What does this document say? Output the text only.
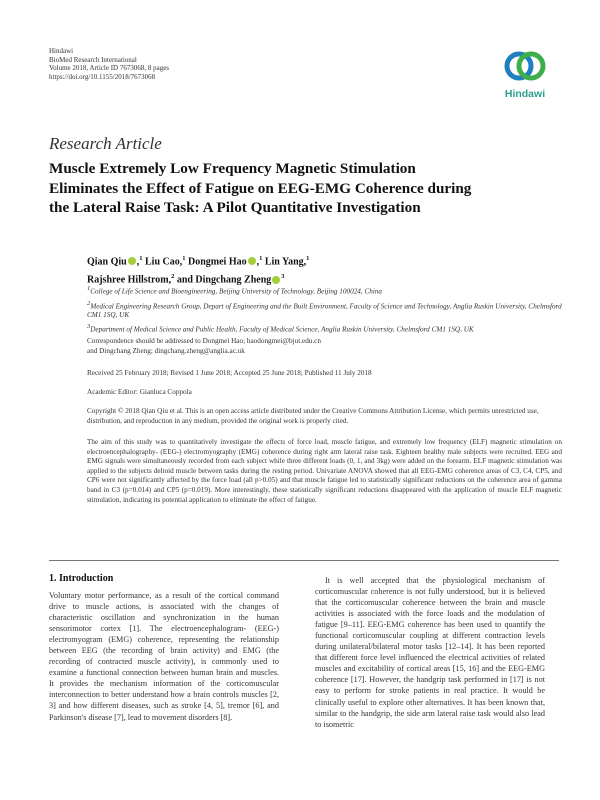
Hindawi
BioMed Research International
Volume 2018, Article ID 7673068, 8 pages
https://doi.org/10.1155/2018/7673068
Hindawi
Research Article
Muscle Extremely Low Frequency Magnetic Stimulation
Eliminates the Effect of Fatigue on EEG-EMG Coherence during
the Lateral Raise Task: A Pilot Quantitative Investigation
Qian Qiu ,$^1$ Liu Cao,$^1$ Dongmei Hao ,$^1$ Lin Yang,$^1$
Rajshree Hillstrom,$^2$ and Dingchang Zheng $^3$
$^1$College of Life Science and Bioengineering, Beijing University of Technology, Beijing 100024, China
$^2$Medical Engineering Research Group, Depart of Engineering and the Built Environment, Faculty of Science and Technology, Anglia Ruskin University, Chelmsford CM1 1SQ, UK
$^3$Department of Medical Science and Public Health, Faculty of Medical Science, Anglia Ruskin University, Chelmsford CM1 1SQ, UK
Correspondence should be addressed to Dongmei Hao; haodongmei@bjut.edu.cn
and Dingchang Zheng; dingchang.zheng@anglia.ac.uk
Received 25 February 2018; Revised 1 June 2018; Accepted 25 June 2018; Published 11 July 2018
Academic Editor: Gianluca Coppola
Copyright © 2018 Qian Qiu et al. This is an open access article distributed under the Creative Commons Attribution License, which permits unrestricted use, distribution, and reproduction in any medium, provided the original work is properly cited.
The aim of this study was to quantitatively investigate the effects of force load, muscle fatigue, and extremely low frequency (ELF) magnetic stimulation on electroencephalography- (EEG-) electromyography (EMG) coherence during right arm lateral raise task. Eighteen healthy male subjects were recruited. EEG and EMG signals were simultaneously recorded from each subject while three different loads (0, 1, and 3kg) were added on the forearm. ELF magnetic stimulation was applied to the subjects deltoid muscle between tasks during the resting period. Univariate ANOVA showed that all EEG-EMG coherence areas of C3, C4, CP5, and CP6 were not significantly affected by the force load (all p>0.05) and that muscle fatigue led to statistically significant reductions on the coherence area of gamma band in C3 (p=0.014) and CP5 (p=0.019). More interestingly, these statistically significant reductions disappeared with the application of muscle ELF magnetic stimulation, indicating its potential application to eliminate the effect of fatigue.
1. Introduction
Voluntary motor performance, as a result of the cortical command drive to muscle actions, is associated with the changes of characteristic oscillation and synchronization in the human sensorimotor cortex [1]. The electroencephalogram- (EEG-) electromyogram (EMG) coherence, representing the relationship between EEG (the recording of brain activity) and EMG (the recording of contracted muscle activity), is commonly used to examine a functional connection between human brain and muscles. It provides the mechanism information of the corticomuscular interconnection to better understand how a brain controls muscles [2, 3] and how different diseases, such as stroke [4, 5], tremor [6], and Parkinson's disease [7], lead to movement disorders [8].
It is well accepted that the physiological mechanism of corticomuscular coherence is not fully understood, but it is believed that the corticomuscular coherence between the brain and muscle activities is associated with the force loads and the modulation of fatigue [9–11]. EEG-EMG coherence has been used to quantify the functional corticomuscular coupling at different contraction levels during unilateral/bilateral motor tasks [12–14]. It has been reported that different force level influenced the electrical activities of related muscles and excitability of cortical areas [15, 16] and the EEG-EMG coherence [17]. However, the handgrip task performed in [17] is not easy to perform for stroke patients in real practice. It would be clinically useful to explore other alternatives. It has been known that, similar to the handgrip, the side arm lateral raise task would also lead to isometric
